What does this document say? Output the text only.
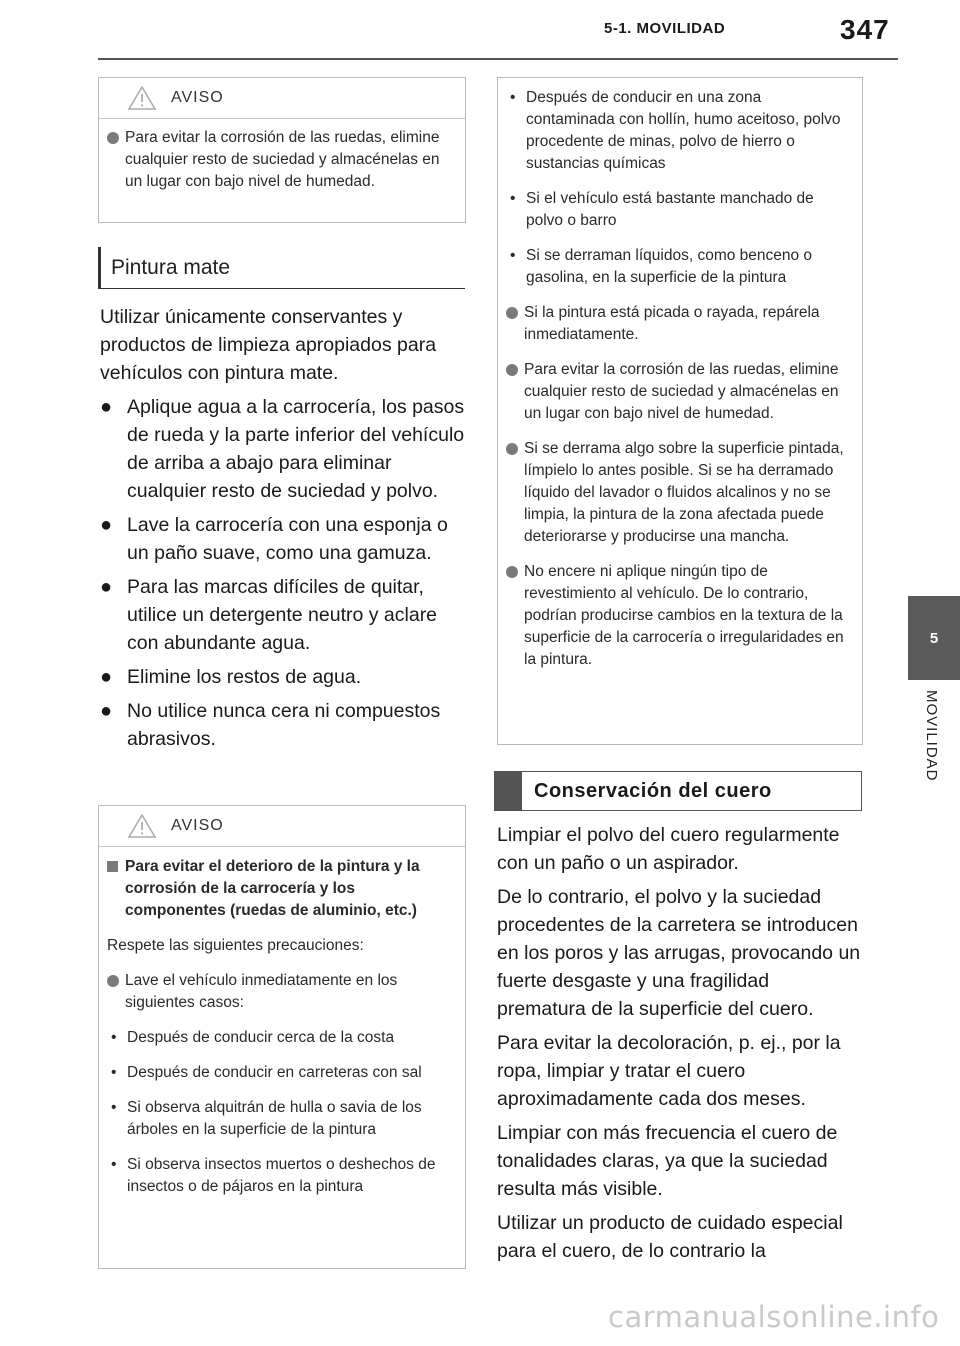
5-1. MOVILIDAD	347
5
MOVILIDAD
AVISO
Para evitar la corrosión de las ruedas, elimine cualquier resto de suciedad y almacénelas en un lugar con bajo nivel de humedad.
Pintura mate

Utilizar únicamente conservantes y productos de limpieza apropiados para vehículos con pintura mate.

● Aplique agua a la carrocería, los pasos de rueda y la parte inferior del vehículo de arriba a abajo para eliminar cualquier resto de suciedad y polvo.
● Lave la carrocería con una esponja o un paño suave, como una gamuza.
● Para las marcas difíciles de quitar, utilice un detergente neutro y aclare con abundante agua.
● Elimine los restos de agua.
● No utilice nunca cera ni compuestos abrasivos.
AVISO
Para evitar el deterioro de la pintura y la corrosión de la carrocería y los componentes (ruedas de aluminio, etc.)
Respete las siguientes precauciones:
Lave el vehículo inmediatamente en los siguientes casos:
• Después de conducir cerca de la costa
• Después de conducir en carreteras con sal
• Si observa alquitrán de hulla o savia de los árboles en la superficie de la pintura
• Si observa insectos muertos o deshechos de insectos o de pájaros en la pintura
• Después de conducir en una zona contaminada con hollín, humo aceitoso, polvo procedente de minas, polvo de hierro o sustancias químicas
• Si el vehículo está bastante manchado de polvo o barro
• Si se derraman líquidos, como benceno o gasolina, en la superficie de la pintura
Si la pintura está picada o rayada, repárela inmediatamente.
Para evitar la corrosión de las ruedas, elimine cualquier resto de suciedad y almacénelas en un lugar con bajo nivel de humedad.
Si se derrama algo sobre la superficie pintada, límpielo lo antes posible. Si se ha derramado líquido del lavador o fluidos alcalinos y no se limpia, la pintura de la zona afectada puede deteriorarse y producirse una mancha.
No encere ni aplique ningún tipo de revestimiento al vehículo. De lo contrario, podrían producirse cambios en la textura de la superficie de la carrocería o irregularidades en la pintura.
Conservación del cuero

Limpiar el polvo del cuero regularmente con un paño o un aspirador.

De lo contrario, el polvo y la suciedad procedentes de la carretera se introducen en los poros y las arrugas, provocando un fuerte desgaste y una fragilidad prematura de la superficie del cuero.

Para evitar la decoloración, p. ej., por la ropa, limpiar y tratar el cuero aproximadamente cada dos meses.

Limpiar con más frecuencia el cuero de tonalidades claras, ya que la suciedad resulta más visible.

Utilizar un producto de cuidado especial para el cuero, de lo contrario la

carmanualsonline.info
